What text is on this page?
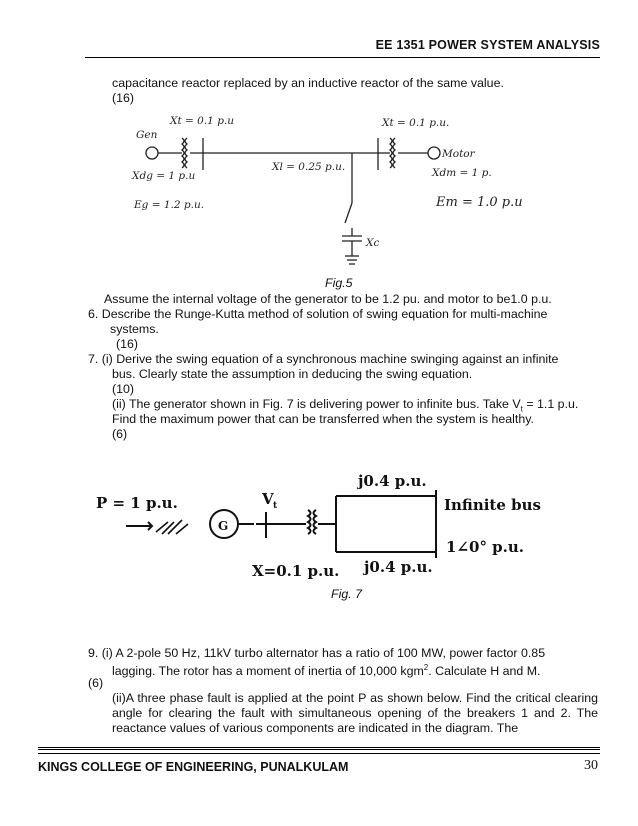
EE 1351 POWER SYSTEM ANALYSIS
capacitance reactor replaced by an inductive reactor of the same value.
(16)
Gen
Xt = 0.1 p.u	Xt = 0.1 p.u.
Xl = 0.25 p.u.
Motor
Xdg = 1 p.u	Xdm = 1 p.
Eg = 1.2 p.u.	Em = 1.0 p.u
Xc
Fig.5
Assume the internal voltage of the generator to be 1.2 pu. and motor to be1.0 p.u.
6. Describe the Runge-Kutta method of solution of swing equation for multi-machine
systems.
(16)
7. (i) Derive the swing equation of a synchronous machine swinging against an infinite
bus. Clearly state the assumption in deducing the swing equation.
(10)
(ii) The generator shown in Fig. 7 is delivering power to infinite bus. Take $V_t = 1.1$ p.u.
Find the maximum power that can be transferred when the system is healthy.
(6)
P = 1 p.u.
G
V t
j0.4 p.u.
j0.4 p.u.
X=0.1 p.u.
Infinite bus
1∠0° p.u.
Fig. 7
9. (i) A 2-pole 50 Hz, 11kV turbo alternator has a ratio of 100 MW, power factor 0.85
lagging. The rotor has a moment of inertia of 10,000 kgm$^2$. Calculate H and M.
(6)
(ii)A three phase fault is applied at the point P as shown below. Find the critical clearing angle for clearing the fault with simultaneous opening of the breakers 1 and 2. The reactance values of various components are indicated in the diagram. The
KINGS COLLEGE OF ENGINEERING, PUNALKULAM	30
